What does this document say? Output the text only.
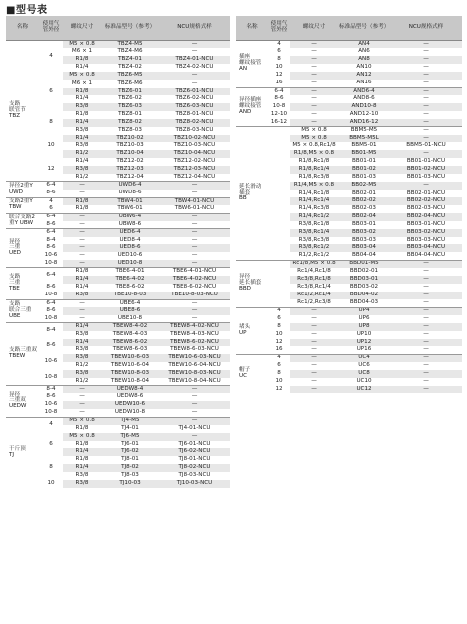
■型号表
名称	使用气管外径	螺纹尺寸	标准品型号（参考）	NCU规格式样

支路
联管节
TBZ	4	M5 × 0.8	TBZ4-M5	—
		M6 × 1	TBZ4-M6	—
		R1/8	TBZ4-01	TBZ4-01-NCU
		R1/4	TBZ4-02	TBZ4-02-NCU
	6	M5 × 0.8	TBZ6-M5	—
		M6 × 1	TBZ6-M6	—
		R1/8	TBZ6-01	TBZ6-01-NCU
		R1/4	TBZ6-02	TBZ6-02-NCU
		R3/8	TBZ6-03	TBZ6-03-NCU
	8	R1/8	TBZ8-01	TBZ8-01-NCU
		R1/4	TBZ8-02	TBZ8-02-NCU
		R3/8	TBZ8-03	TBZ8-03-NCU
	10	R1/4	TBZ10-02	TBZ10-02-NCU
		R3/8	TBZ10-03	TBZ10-03-NCU
		R1/2	TBZ10-04	TBZ10-04-NCU
	12	R1/4	TBZ12-02	TBZ12-02-NCU
		R3/8	TBZ12-03	TBZ12-03-NCU
		R1/2	TBZ12-04	TBZ12-04-NCU

异径2重Y
UWD	6-4	—	UWD6-4	—
	8-6	—	UWD8-6	—

支路2重Y
TBW	4	R1/8	TBW4-01	TBW4-01-NCU
	6	R1/8	TBW6-01	TBW6-01-NCU

联合支路2
重Y UBW	6-4	—	UBW6-4	—
	8-6	—	UBW8-6	—

异径
三重
UED	6-4	—	UED6-4	—
	8-4	—	UED8-4	—
	8-6	—	UED8-6	—
	10-6	—	UED10-6	—
	10-8	—	UED10-8	—

支路
三重
TBE	6-4	R1/8	TBE6-4-01	TBE6-4-01-NCU
		R1/4	TBE6-4-02	TBE6-4-02-NCU
	8-6	R1/4	TBE8-6-02	TBE8-6-02-NCU
	10-8	R3/8	TBE10-8-03	TBE10-8-03-NCU

支路
联合三重
UBE	6-4	—	UBE6-4	—
	8-6	—	UBE8-6	—
	10-8	—	UBE10-8	—

支路三重双
TBEW	8-4	R1/4	TBEW8-4-02	TBEW8-4-02-NCU
		R3/8	TBEW8-4-03	TBEW8-4-03-NCU
	8-6	R1/4	TBEW8-6-02	TBEW8-6-02-NCU
		R3/8	TBEW8-6-03	TBEW8-6-03-NCU
	10-6	R3/8	TBEW10-6-03	TBEW10-6-03-NCU
		R1/2	TBEW10-6-04	TBEW10-6-04-NCU
	10-8	R3/8	TBEW10-8-03	TBEW10-8-03-NCU
		R1/2	TBEW10-8-04	TBEW10-8-04-NCU

异径
三重双
UEDW	8-4	—	UEDW8-4	—
	8-6	—	UEDW8-6	—
	10-6	—	UEDW10-6	—
	10-8	—	UEDW10-8	—

干斤顶
TJ	4	M5 × 0.8	TJ4-M5	—
		R1/8	TJ4-01	TJ4-01-NCU
	6	M5 × 0.8	TJ6-M5	—
		R1/8	TJ6-01	TJ6-01-NCU
		R1/4	TJ6-02	TJ6-02-NCU
	8	R1/8	TJ8-01	TJ8-01-NCU
		R1/4	TJ8-02	TJ8-02-NCU
		R3/8	TJ8-03	TJ8-03-NCU
	10	R3/8	TJ10-03	TJ10-03-NCU
名称	使用气管外径	螺纹尺寸	标准品型号（参考）	NCU规格式样

插座
螺纹接管
AN	4	—	AN4	—
	6	—	AN6	—
	8	—	AN8	—
	10	—	AN10	—
	12	—	AN12	—
	16	—	AN16	—

异径插座
螺纹接管
AND	6-4	—	AND6-4	—
	8-6	—	AND8-6	—
	10-8	—	AND10-8	—
	12-10	—	AND12-10	—
	16-12	—	AND16-12	—

延长滑动
插套
BB		M5 × 0.8	BBM5-M5	—
		M5 × 0.8	BBM5-M5L	—
		M5 × 0.8,Rc1/8	BBM5-01	BBM5-01-NCU
		R1/8,M5 × 0.8	BB01-M5	—
		R1/8,Rc1/8	BB01-01	BB01-01-NCU
		R1/8,Rc1/4	BB01-02	BB01-02-NCU
		R1/8,Rc3/8	BB01-03	BB01-03-NCU
		R1/4,M5 × 0.8	BB02-M5	—
		R1/4,Rc1/8	BB02-01	BB02-01-NCU
		R1/4,Rc1/4	BB02-02	BB02-02-NCU
		R1/4,Rc3/8	BB02-03	BB02-03-NCU
		R1/4,Rc1/2	BB02-04	BB02-04-NCU
		R3/8,Rc1/8	BB03-01	BB03-01-NCU
		R3/8,Rc1/4	BB03-02	BB03-02-NCU
		R3/8,Rc3/8	BB03-03	BB03-03-NCU
		R3/8,Rc1/2	BB03-04	BB03-04-NCU
		R1/2,Rc1/2	BB04-04	BB04-04-NCU

异径
延长插套
BBD		Rc1/8,M5 × 0.8	BBD01-M5	—
		Rc1/4,Rc1/8	BBD02-01	—
		Rc3/8,Rc1/8	BBD03-01	—
		Rc3/8,Rc1/4	BBD03-02	—
		Rc1/2,Rc1/4	BBD04-02	—
		Rc1/2,Rc3/8	BBD04-03	—

堵头
UP	4	—	UP4	—
	6	—	UP6	—
	8	—	UP8	—
	10	—	UP10	—
	12	—	UP12	—
	16	—	UP16	—

帽子
UC	4	—	UC4	—
	6	—	UC6	—
	8	—	UC8	—
	10	—	UC10	—
	12	—	UC12	—
